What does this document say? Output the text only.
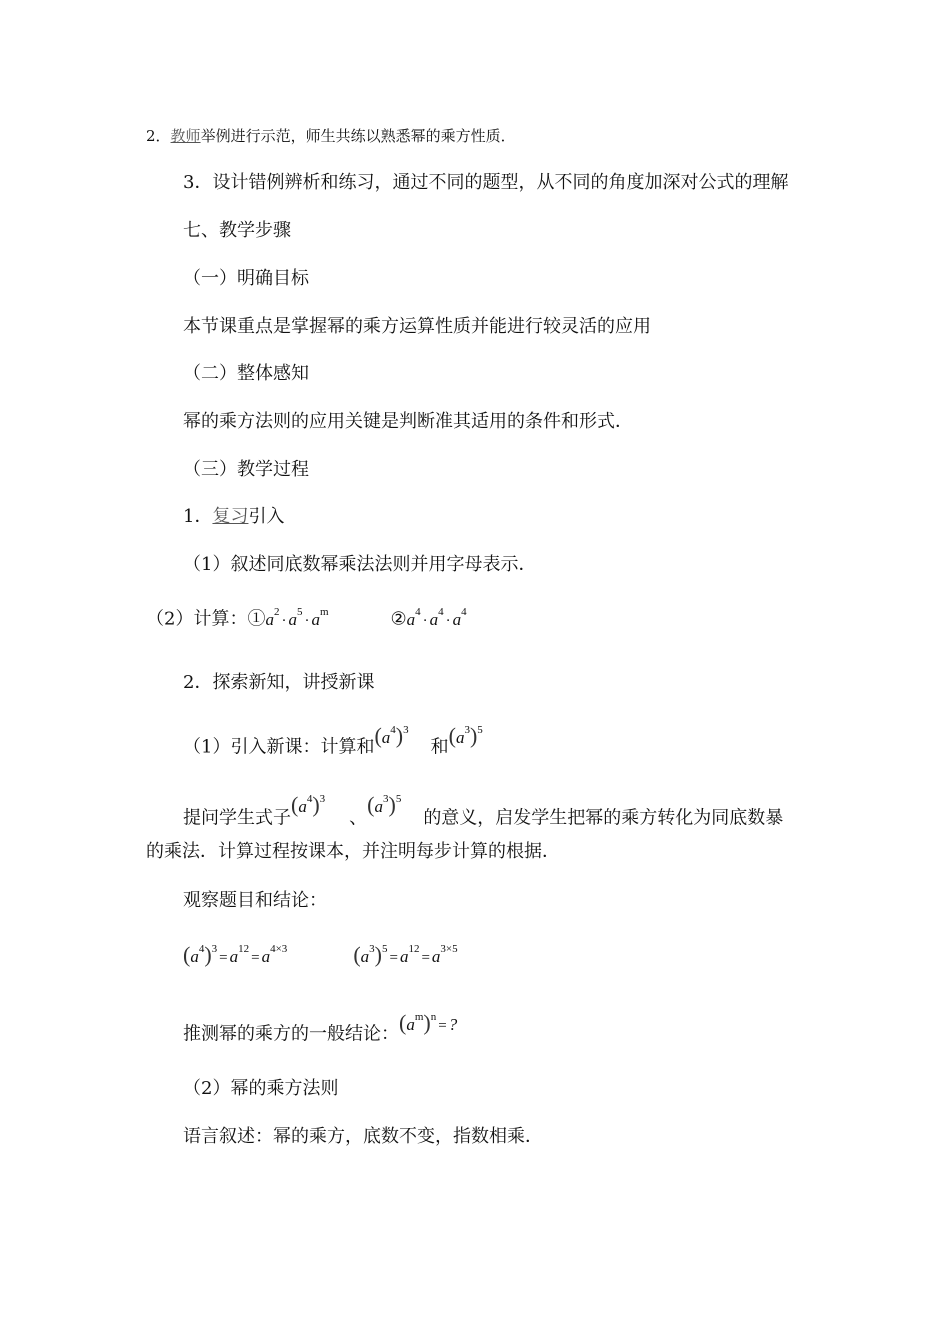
2．教师举例进行示范，师生共练以熟悉幂的乘方性质．
3．设计错例辨析和练习，通过不同的题型，从不同的角度加深对公式的理解
七、教学步骤
（一）明确目标
本节课重点是掌握幂的乘方运算性质并能进行较灵活的应用
（二）整体感知
幂的乘方法则的应用关键是判断准其适用的条件和形式．
（三）教学过程
1．复习引入
（1）叙述同底数幂乘法法则并用字母表示．
（2）计算：$①a^2\cdot a^5\cdot a^m$	$②a^4\cdot a^4\cdot a^4$
2．探索新知，讲授新课
（1）引入新课：计算和$(a^4)^3$和$(a^3)^5$
提问学生式子$(a^4)^3$、$(a^3)^5$的意义，启发学生把幂的乘方转化为同底数暴
的乘法．计算过程按课本，并注明每步计算的根据．
观察题目和结论：
$(a^4)^3= a^{12}= a^{4\times 3}$	$(a^3)^5= a^{12}= a^{3\times 5}$
推测幂的乘方的一般结论：$(a^m)^n=$ ?
（2）幂的乘方法则
语言叙述：幂的乘方，底数不变，指数相乘．
